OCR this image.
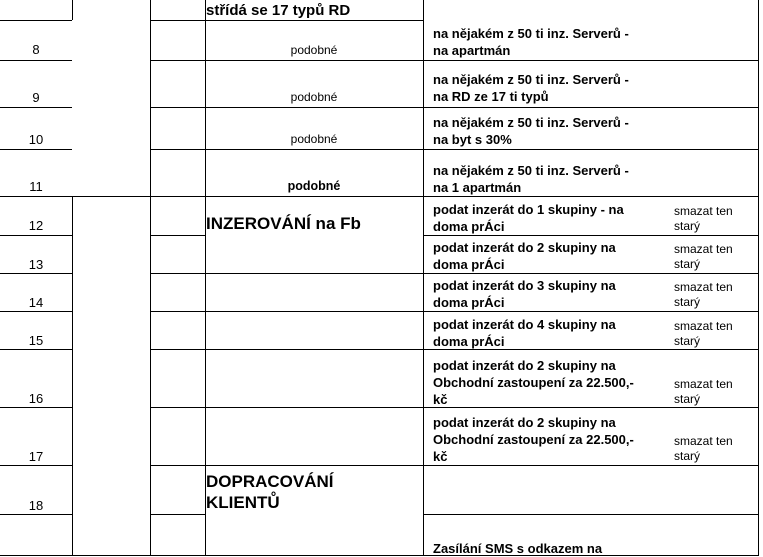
střídá se 17 typů RD
8
9
10
11
12
13
14
15
16
17
18
podobné
podobné
podobné
podobné
INZEROVÁNÍ na Fb
DOPRACOVÁNÍ
KLIENTŮ
na nějakém z 50 ti inz. Serverů -
na apartmán
na nějakém z 50 ti inz. Serverů -
na RD ze 17 ti typů
na nějakém z 50 ti inz. Serverů -
na byt s 30%
na nějakém z 50 ti inz. Serverů -
na 1 apartmán
podat inzerát do 1 skupiny - na
doma prÁci
podat inzerát do 2 skupiny na
doma prÁci
podat inzerát do 3 skupiny na
doma prÁci
podat inzerát do 4 skupiny na
doma prÁci
podat inzerát do 2 skupiny na
Obchodní zastoupení za 22.500,-
kč
podat inzerát do 2 skupiny na
Obchodní zastoupení za 22.500,-
kč
smazat ten
starý
smazat ten
starý
smazat ten
starý
smazat ten
starý
smazat ten
starý
smazat ten
starý
Zasílání SMS s odkazem na
